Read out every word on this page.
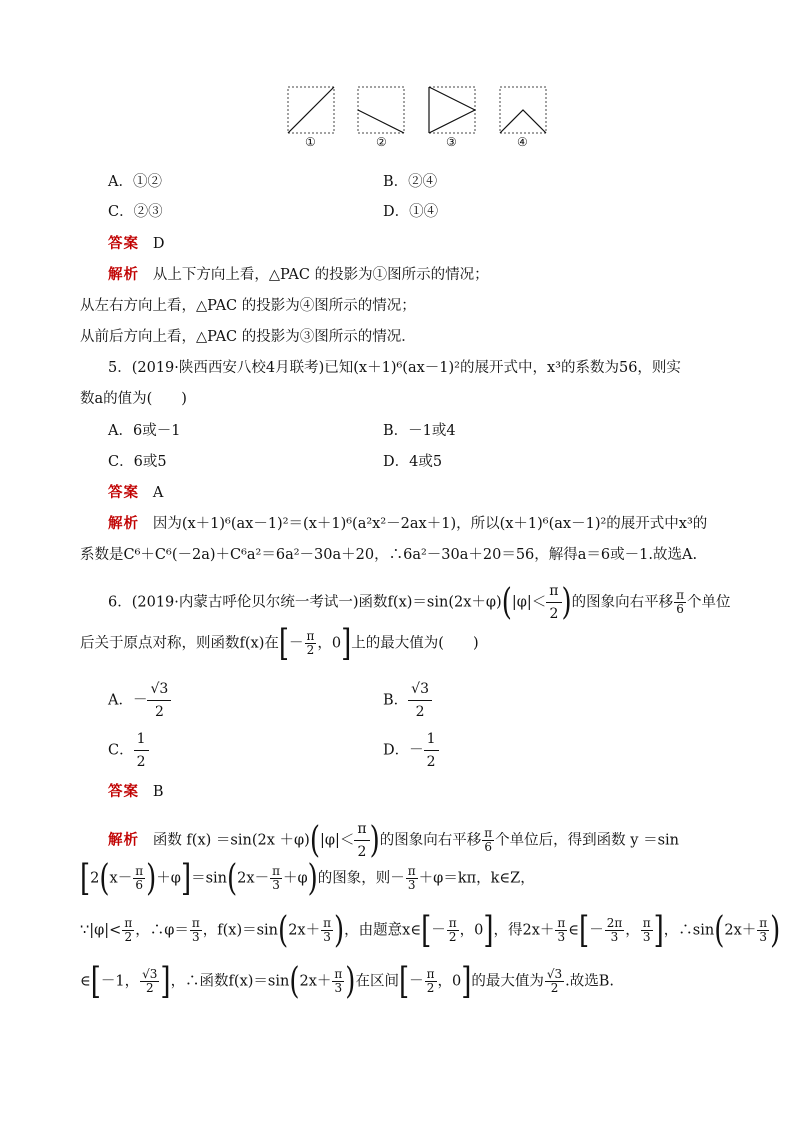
①	②	③	④
A．①②	B．②④
C．②③	D．①④
答案 D
解析 从上下方向上看，△PAC 的投影为①图所示的情况；
从左右方向上看，△PAC 的投影为④图所示的情况；
从前后方向上看，△PAC 的投影为③图所示的情况．
5．(2019·陕西西安八校4月联考)已知(x＋1)⁶(ax－1)²的展开式中，x³的系数为56，则实
数a的值为(　　)
A．6或－1	B．－1或4
C．6或5	D．4或5
答案 A
解析 因为(x＋1)⁶(ax－1)²＝(x＋1)⁶(a²x²－2ax＋1)，所以(x＋1)⁶(ax－1)²的展开式中x³的
系数是C⁶＋C⁶(－2a)＋C⁶a²＝6a²－30a＋20，∴6a²－30a＋20＝56，解得a＝6或－1.故选A.
6．(2019·内蒙古呼伦贝尔统一考试一)函数$f(x)=\sin(2x+\varphi)(|\varphi|< \frac{\pi}{2}$ )的图象向右平移 $\frac{\pi}{6}$ 个单位
后关于原点对称，则函数f(x)在[－ $\frac{\pi}{2}$ ，0]上的最大值为(　　)
A．－ $\frac{√3}{2}$	B． $\frac{√3}{2}$
C． $\frac{1}{2}$	D．－ $\frac{1}{2}$
答案 B
解析 函数 $f(x) =\sin(2x +\varphi)(|\varphi|< \frac{\pi}{2}$ )的图象向右平移 $\frac{\pi}{6}$ 个单位后，得到函数 y ＝sin
$[2(x- \frac{\pi}{6} )+\varphi]=\sin(2x- \frac{\pi}{3} +\varphi)$的图象，则－ $\frac{\pi}{3} +\varphi=k\pi$，k∈Z，
∵|φ|< $\frac{\pi}{2}$ ，∴φ＝ $\frac{\pi}{3}$ ，$f(x)=\sin(2x+ \frac{\pi}{3}$ )，由题意x∈[－ $\frac{\pi}{2}$ ，0]，得$2x+ \frac{\pi}{3}$ ∈[－ $\frac{2\pi}{3}$ ， $\frac{\pi}{3}$ ]，∴sin(2x＋ $\frac{\pi}{3}$ )
∈[－1， $\frac{√3}{2}$ ]，∴函数$f(x)=\sin(2x+ \frac{\pi}{3}$ )在区间[－ $\frac{\pi}{2}$ ，0]的最大值为 $\frac{√3}{2}$ .故选B.
